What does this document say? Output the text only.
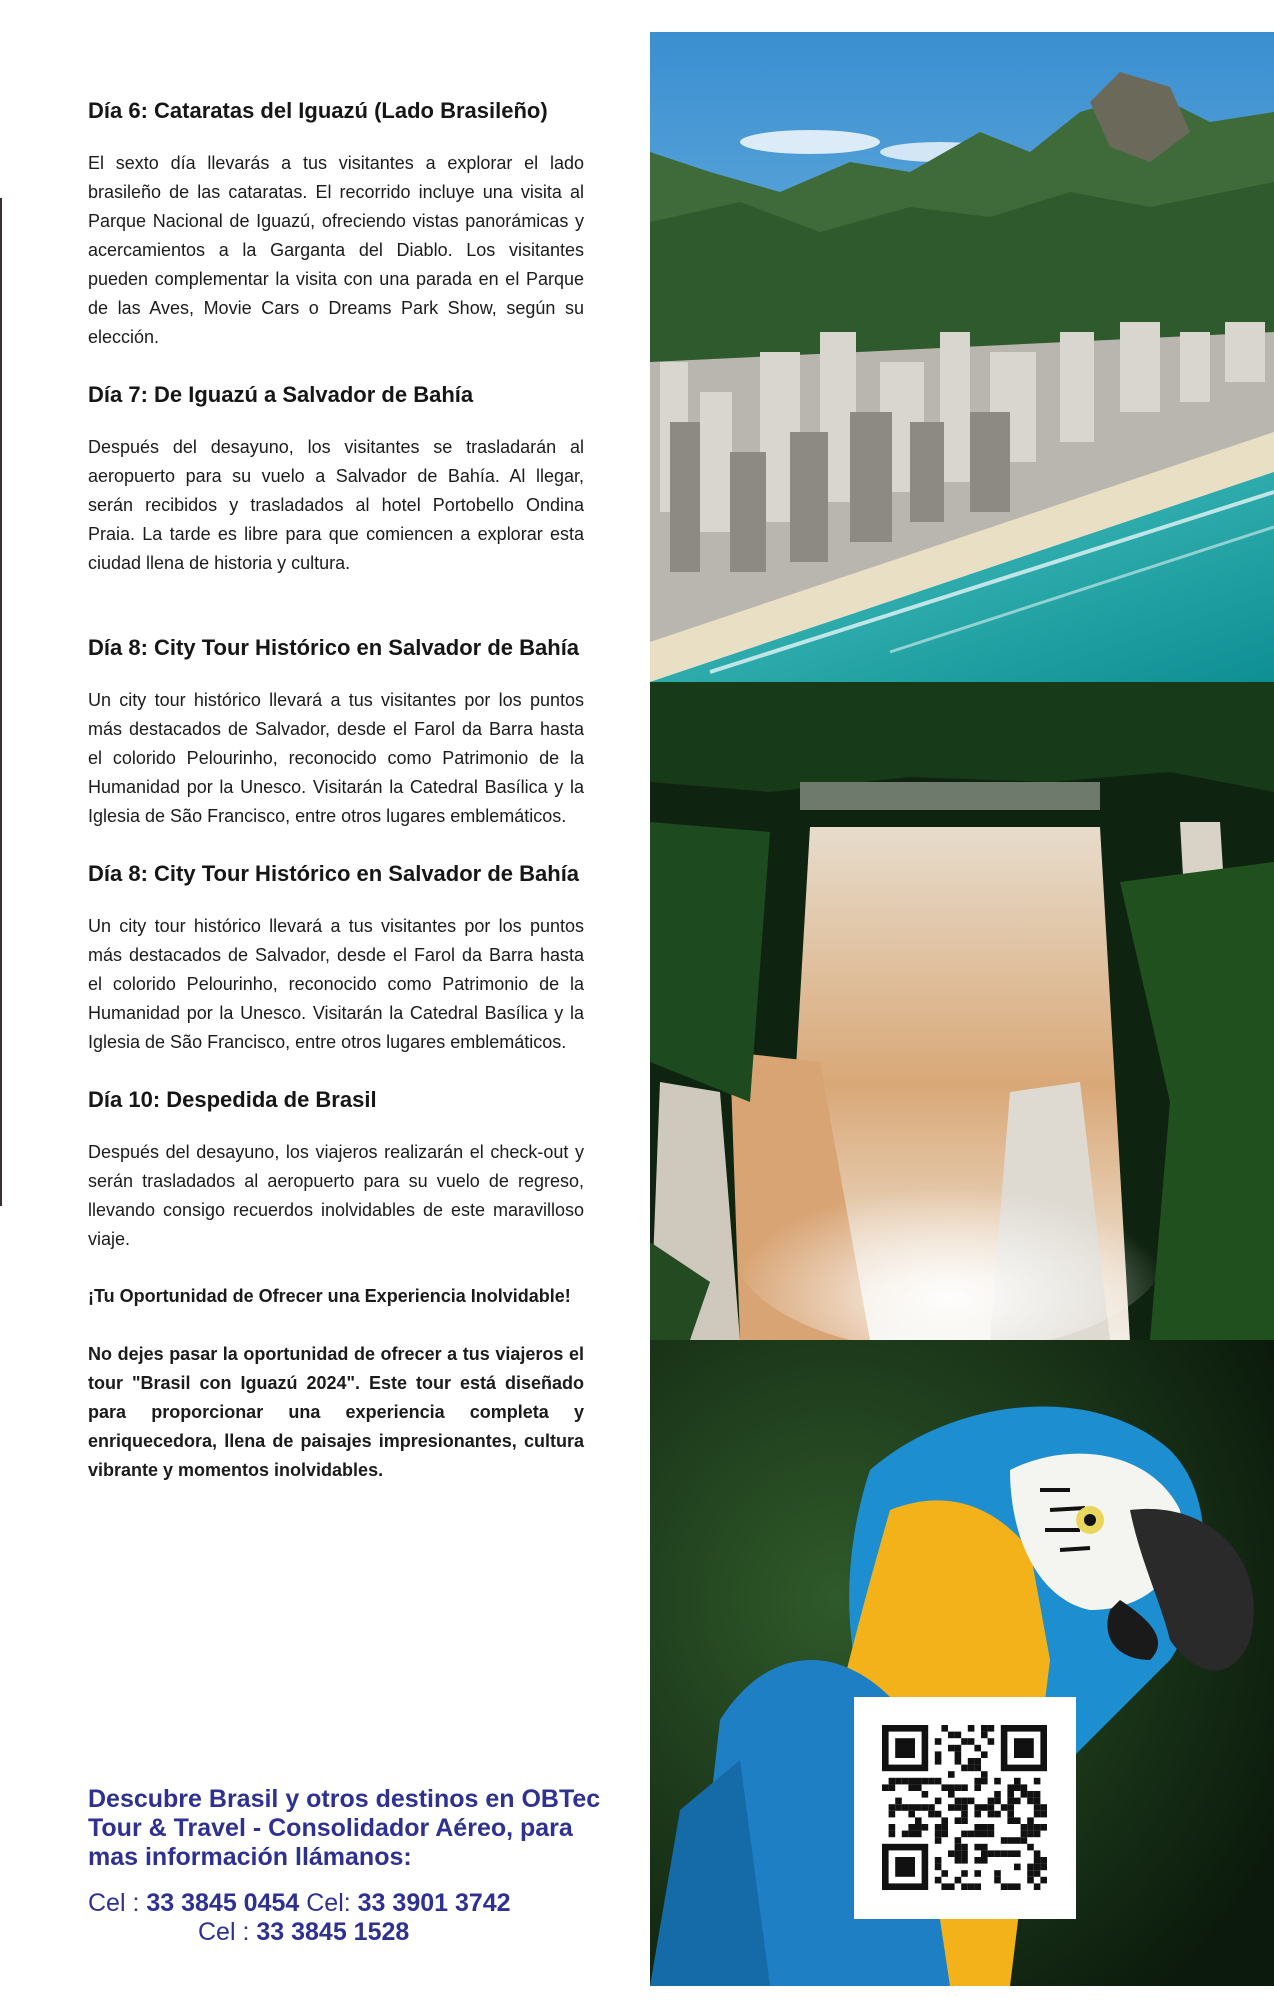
Día 6: Cataratas del Iguazú (Lado Brasileño)

El sexto día llevarás a tus visitantes a explorar el lado brasileño de las cataratas. El recorrido incluye una visita al Parque Nacional de Iguazú, ofreciendo vistas panorámicas y acercamientos a la Garganta del Diablo. Los visitantes pueden complementar la visita con una parada en el Parque de las Aves, Movie Cars o Dreams Park Show, según su elección.

Día 7: De Iguazú a Salvador de Bahía

Después del desayuno, los visitantes se trasladarán al aeropuerto para su vuelo a Salvador de Bahía. Al llegar, serán recibidos y trasladados al hotel Portobello Ondina Praia. La tarde es libre para que comiencen a explorar esta ciudad llena de historia y cultura.

Día 8: City Tour Histórico en Salvador de Bahía

Un city tour histórico llevará a tus visitantes por los puntos más destacados de Salvador, desde el Farol da Barra hasta el colorido Pelourinho, reconocido como Patrimonio de la Humanidad por la Unesco. Visitarán la Catedral Basílica y la Iglesia de São Francisco, entre otros lugares emblemáticos.

Día 8: City Tour Histórico en Salvador de Bahía

Un city tour histórico llevará a tus visitantes por los puntos más destacados de Salvador, desde el Farol da Barra hasta el colorido Pelourinho, reconocido como Patrimonio de la Humanidad por la Unesco. Visitarán la Catedral Basílica y la Iglesia de São Francisco, entre otros lugares emblemáticos.

Día 10: Despedida de Brasil

Después del desayuno, los viajeros realizarán el check-out y serán trasladados al aeropuerto para su vuelo de regreso, llevando consigo recuerdos inolvidables de este maravilloso viaje.

¡Tu Oportunidad de Ofrecer una Experiencia Inolvidable!

No dejes pasar la oportunidad de ofrecer a tus viajeros el tour "Brasil con Iguazú 2024". Este tour está diseñado para proporcionar una experiencia completa y enriquecedora, llena de paisajes impresionantes, cultura vibrante y momentos inolvidables.

Descubre Brasil y otros destinos en OBTec Tour & Travel - Consolidador Aéreo, para mas información llámanos:
Cel : 33 3845 0454 Cel: 33 3901 3742
Cel : 33 3845 1528
